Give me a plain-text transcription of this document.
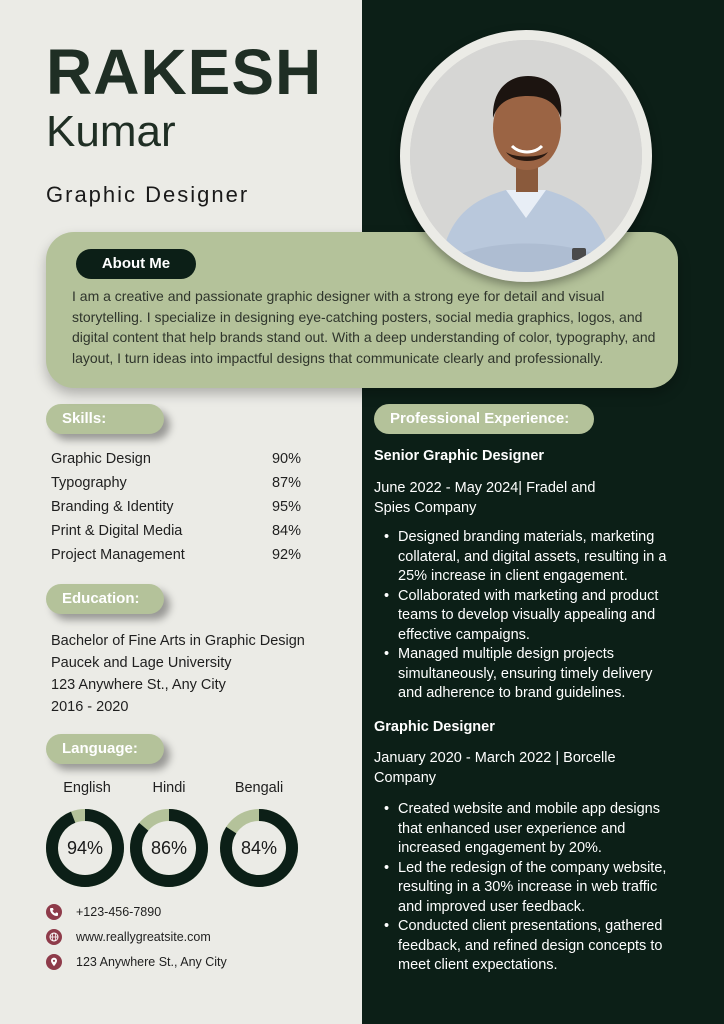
RAKESH
Kumar
Graphic Designer
About Me
I am a creative and passionate graphic designer with a strong eye for detail and visual storytelling. I specialize in designing eye-catching posters, social media graphics, logos, and digital content that help brands stand out. With a deep understanding of color, typography, and layout, I turn ideas into impactful designs that communicate clearly and professionally.
Skills:
Graphic Design	90%
Typography	87%
Branding & Identity	95%
Print & Digital Media	84%
Project Management	92%
Education:
Bachelor of Fine Arts in Graphic Design
Paucek and Lage University
123 Anywhere St., Any City
2016 - 2020
Language:
English	Hindi	Bengali
94%	86%	84%
+123-456-7890
www.reallygreatsite.com
123 Anywhere St., Any City
Professional Experience:
Senior Graphic Designer
June 2022 - May 2024| Fradel and Spies Company
• Designed branding materials, marketing collateral, and digital assets, resulting in a 25% increase in client engagement.
• Collaborated with marketing and product teams to develop visually appealing and effective campaigns.
• Managed multiple design projects simultaneously, ensuring timely delivery and adherence to brand guidelines.
Graphic Designer
January 2020 - March 2022 | Borcelle Company
• Created website and mobile app designs that enhanced user experience and increased engagement by 20%.
• Led the redesign of the company website, resulting in a 30% increase in web traffic and improved user feedback.
• Conducted client presentations, gathered feedback, and refined design concepts to meet client expectations.
